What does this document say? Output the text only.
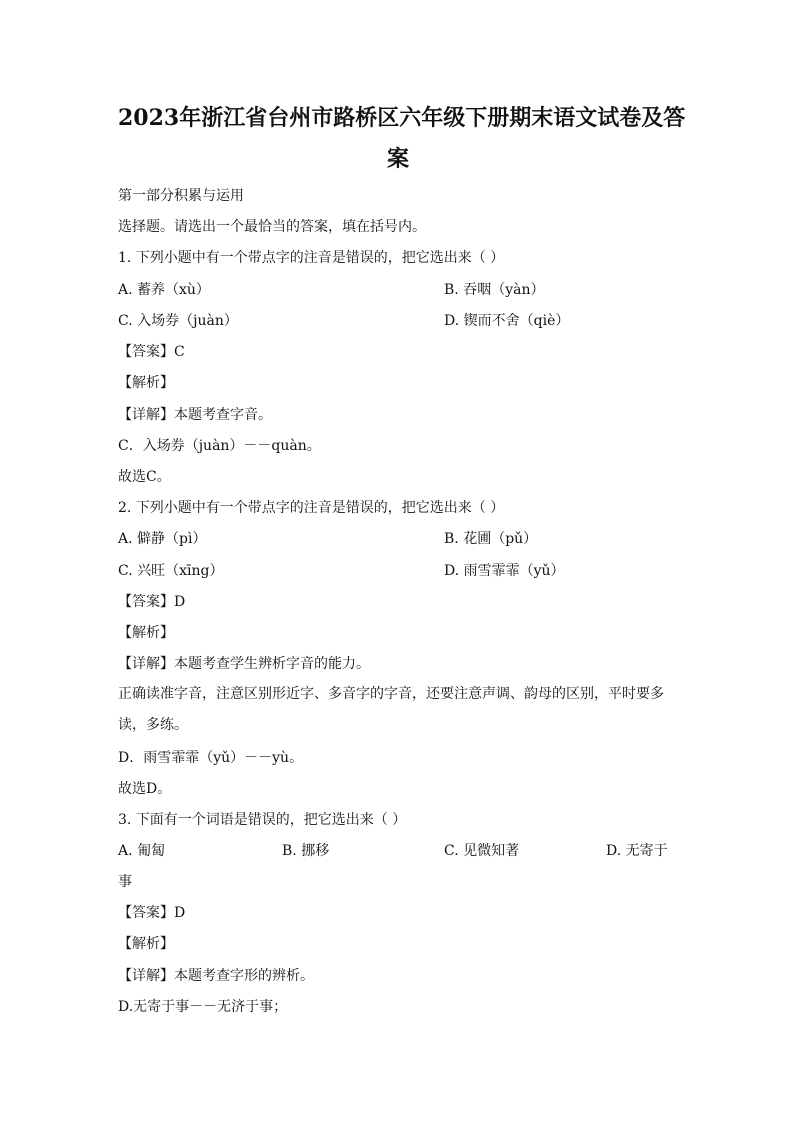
2023年浙江省台州市路桥区六年级下册期末语文试卷及答
案
第一部分积累与运用
选择题。请选出一个最恰当的答案，填在括号内。
1. 下列小题中有一个带点字的注音是错误的，把它选出来（ ）
A. 蓄养（xù）	B. 吞咽（yàn）
C. 入场券（juàn）	D. 锲而不舍（qiè）
【答案】C
【解析】
【详解】本题考查字音。
C．入场券（juàn）－－quàn。
故选C。
2. 下列小题中有一个带点字的注音是错误的，把它选出来（ ）
A. 僻静（pì）	B. 花圃（pǔ）
C. 兴旺（xīng）	D. 雨雪霏霏（yǔ）
【答案】D
【解析】
【详解】本题考查学生辨析字音的能力。
正确读准字音，注意区别形近字、多音字的字音，还要注意声调、韵母的区别，平时要多读，多练。
D．雨雪霏霏（yǔ）－－yù。
故选D。
3. 下面有一个词语是错误的，把它选出来（ ）
A. 匍匐	B. 挪移	C. 见微知著	D. 无寄于
事
【答案】D
【解析】
【详解】本题考查字形的辨析。
D.无寄于事－－无济于事；
